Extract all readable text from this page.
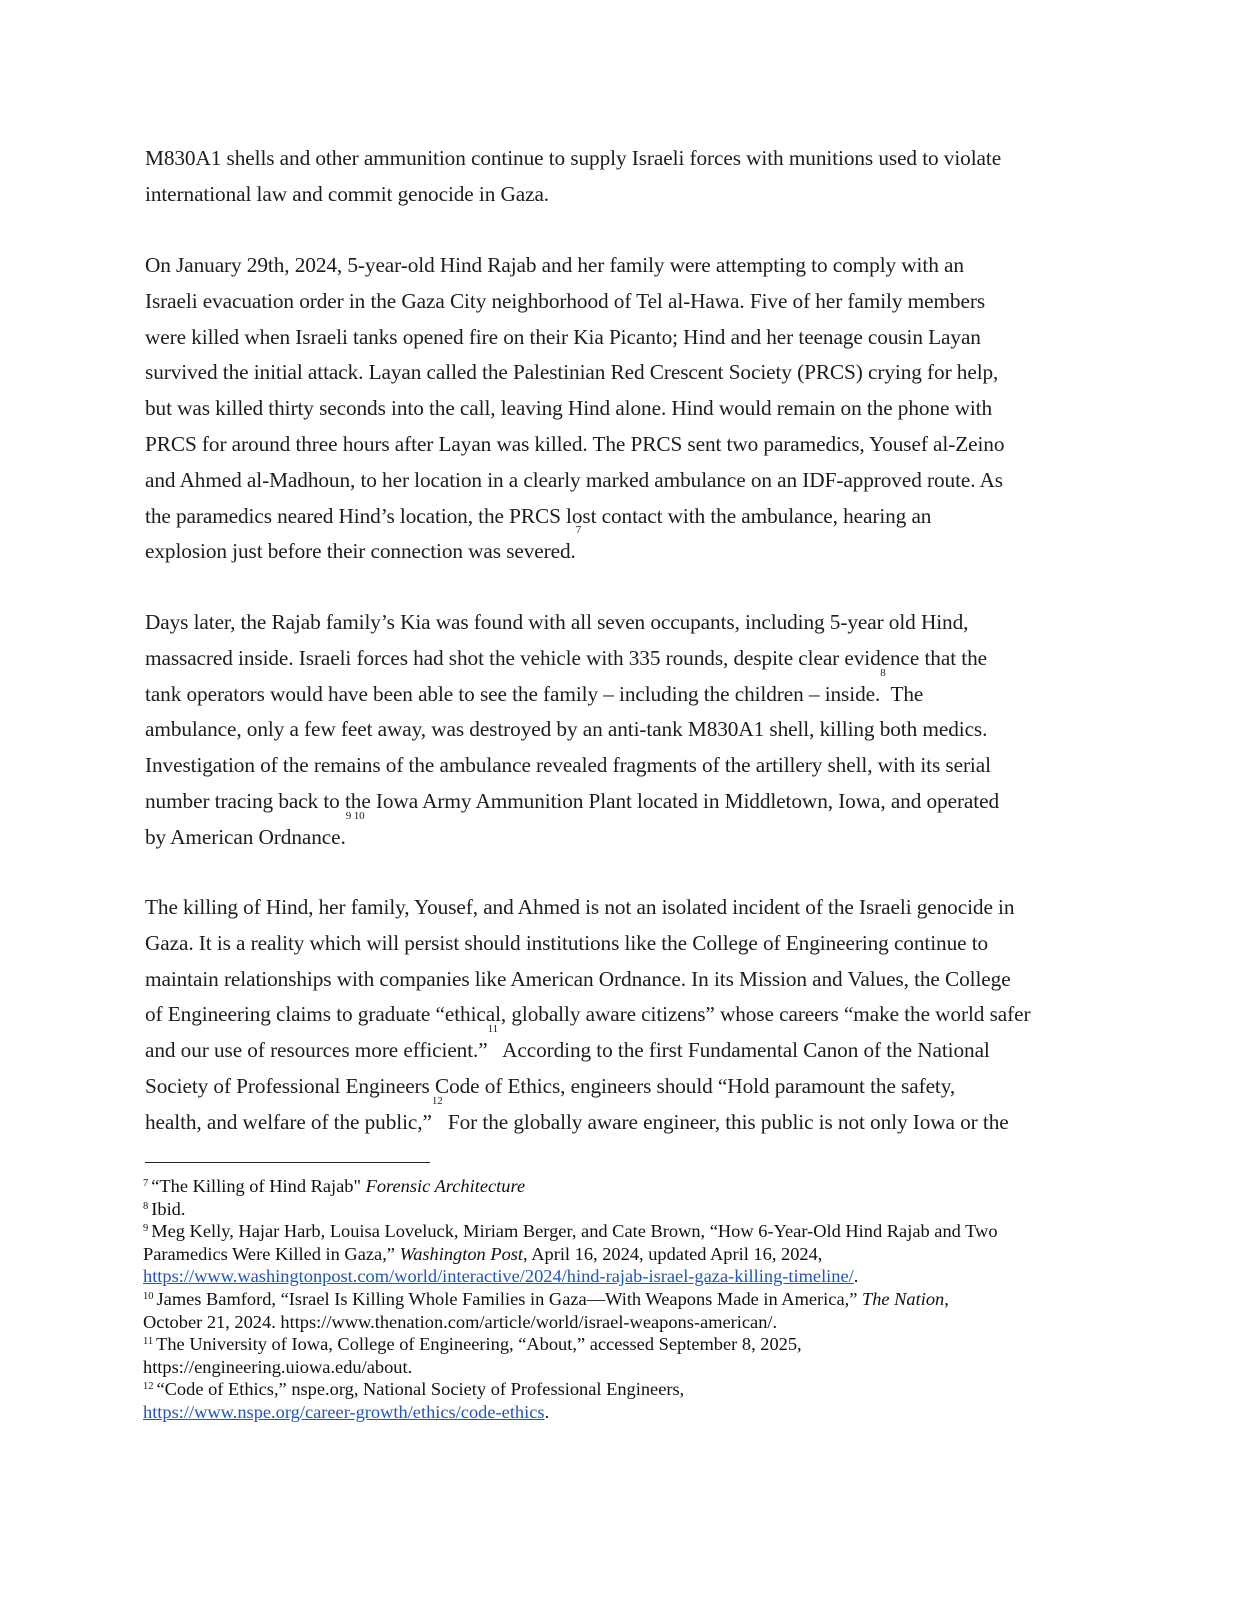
M830A1 shells and other ammunition continue to supply Israeli forces with munitions used to violate
international law and commit genocide in Gaza.
On January 29th, 2024, 5-year-old Hind Rajab and her family were attempting to comply with an
Israeli evacuation order in the Gaza City neighborhood of Tel al-Hawa. Five of her family members
were killed when Israeli tanks opened fire on their Kia Picanto; Hind and her teenage cousin Layan
survived the initial attack. Layan called the Palestinian Red Crescent Society (PRCS) crying for help,
but was killed thirty seconds into the call, leaving Hind alone. Hind would remain on the phone with
PRCS for around three hours after Layan was killed. The PRCS sent two paramedics, Yousef al-Zeino
and Ahmed al-Madhoun, to her location in a clearly marked ambulance on an IDF-approved route. As
the paramedics neared Hind’s location, the PRCS lost contact with the ambulance, hearing an
explosion just before their connection was severed.$^7$
Days later, the Rajab family’s Kia was found with all seven occupants, including 5-year old Hind,
massacred inside. Israeli forces had shot the vehicle with 335 rounds, despite clear evidence that the
tank operators would have been able to see the family – including the children – inside.$^8$ The
ambulance, only a few feet away, was destroyed by an anti-tank M830A1 shell, killing both medics.
Investigation of the remains of the ambulance revealed fragments of the artillery shell, with its serial
number tracing back to the Iowa Army Ammunition Plant located in Middletown, Iowa, and operated
by American Ordnance.$^{9 10}$
The killing of Hind, her family, Yousef, and Ahmed is not an isolated incident of the Israeli genocide in
Gaza. It is a reality which will persist should institutions like the College of Engineering continue to
maintain relationships with companies like American Ordnance. In its Mission and Values, the College
of Engineering claims to graduate “ethical, globally aware citizens” whose careers “make the world safer
and our use of resources more efficient.”$^{11}$ According to the first Fundamental Canon of the National
Society of Professional Engineers Code of Ethics, engineers should “Hold paramount the safety,
health, and welfare of the public,”$^{12}$ For the globally aware engineer, this public is not only Iowa or the
$^7$ “The Killing of Hind Rajab" Forensic Architecture
$^8$ Ibid.
$^9$ Meg Kelly, Hajar Harb, Louisa Loveluck, Miriam Berger, and Cate Brown, “How 6-Year-Old Hind Rajab and Two
Paramedics Were Killed in Gaza,” Washington Post, April 16, 2024, updated April 16, 2024,
https://www.washingtonpost.com/world/interactive/2024/hind-rajab-israel-gaza-killing-timeline/.
$^{10}$ James Bamford, “Israel Is Killing Whole Families in Gaza—With Weapons Made in America,” The Nation,
October 21, 2024. https://www.thenation.com/article/world/israel-weapons-american/.
$^{11}$ The University of Iowa, College of Engineering, “About,” accessed September 8, 2025,
https://engineering.uiowa.edu/about.
$^{12}$ “Code of Ethics,” nspe.org, National Society of Professional Engineers,
https://www.nspe.org/career-growth/ethics/code-ethics.
